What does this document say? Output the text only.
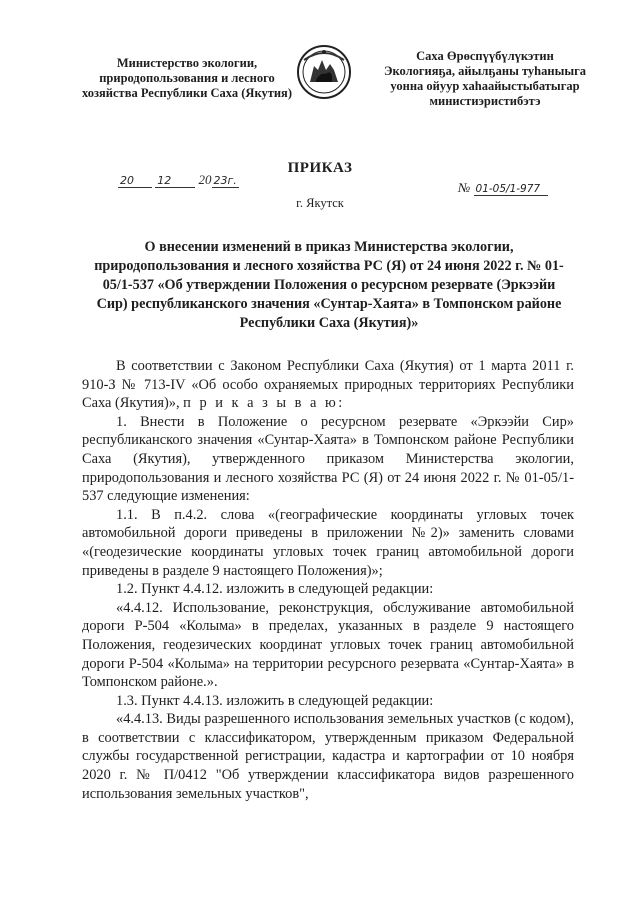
Министерство экологии,
природопользования и лесного
хозяйства Республики Саха (Якутия)
Саха Өрөспүүбүлүкэтин
Экологияҕа, айылҕаны туһаныыга
уонна ойуур хаһаайыстыбатыгар
министиэристибэтэ
ПРИКАЗ
20 12 20 23г.
г. Якутск
№ 01-05/1-977
О внесении изменений в приказ Министерства экологии, природопользования и лесного хозяйства РС (Я) от 24 июня 2022 г. № 01-05/1-537 «Об утверждении Положения о ресурсном резервате (Эркээйи Сир) республиканского значения «Сунтар-Хаята» в Томпонском районе Республики Саха (Якутия)»

В соответствии с Законом Республики Саха (Якутия) от 1 марта 2011 г. 910-З № 713-IV «Об особо охраняемых природных территориях Республики Саха (Якутия)», п р и к а з ы в а ю:

1. Внести в Положение о ресурсном резервате «Эркээйи Сир» республиканского значения «Сунтар-Хаята» в Томпонском районе Республики Саха (Якутия), утвержденного приказом Министерства экологии, природопользования и лесного хозяйства РС (Я) от 24 июня 2022 г. № 01-05/1-537 следующие изменения:

1.1. В п.4.2. слова «(географические координаты угловых точек автомобильной дороги приведены в приложении №2)» заменить словами «(геодезические координаты угловых точек границ автомобильной дороги приведены в разделе 9 настоящего Положения)»;

1.2. Пункт 4.4.12. изложить в следующей редакции:

«4.4.12. Использование, реконструкция, обслуживание автомобильной дороги Р-504 «Колыма» в пределах, указанных в разделе 9 настоящего Положения, геодезических координат угловых точек границ автомобильной дороги Р-504 «Колыма» на территории ресурсного резервата «Сунтар-Хаята» в Томпонском районе.».

1.3. Пункт 4.4.13. изложить в следующей редакции:

«4.4.13. Виды разрешенного использования земельных участков (с кодом), в соответствии с классификатором, утвержденным приказом Федеральной службы государственной регистрации, кадастра и картографии от 10 ноября 2020 г. № П/0412 "Об утверждении классификатора видов разрешенного использования земельных участков",
